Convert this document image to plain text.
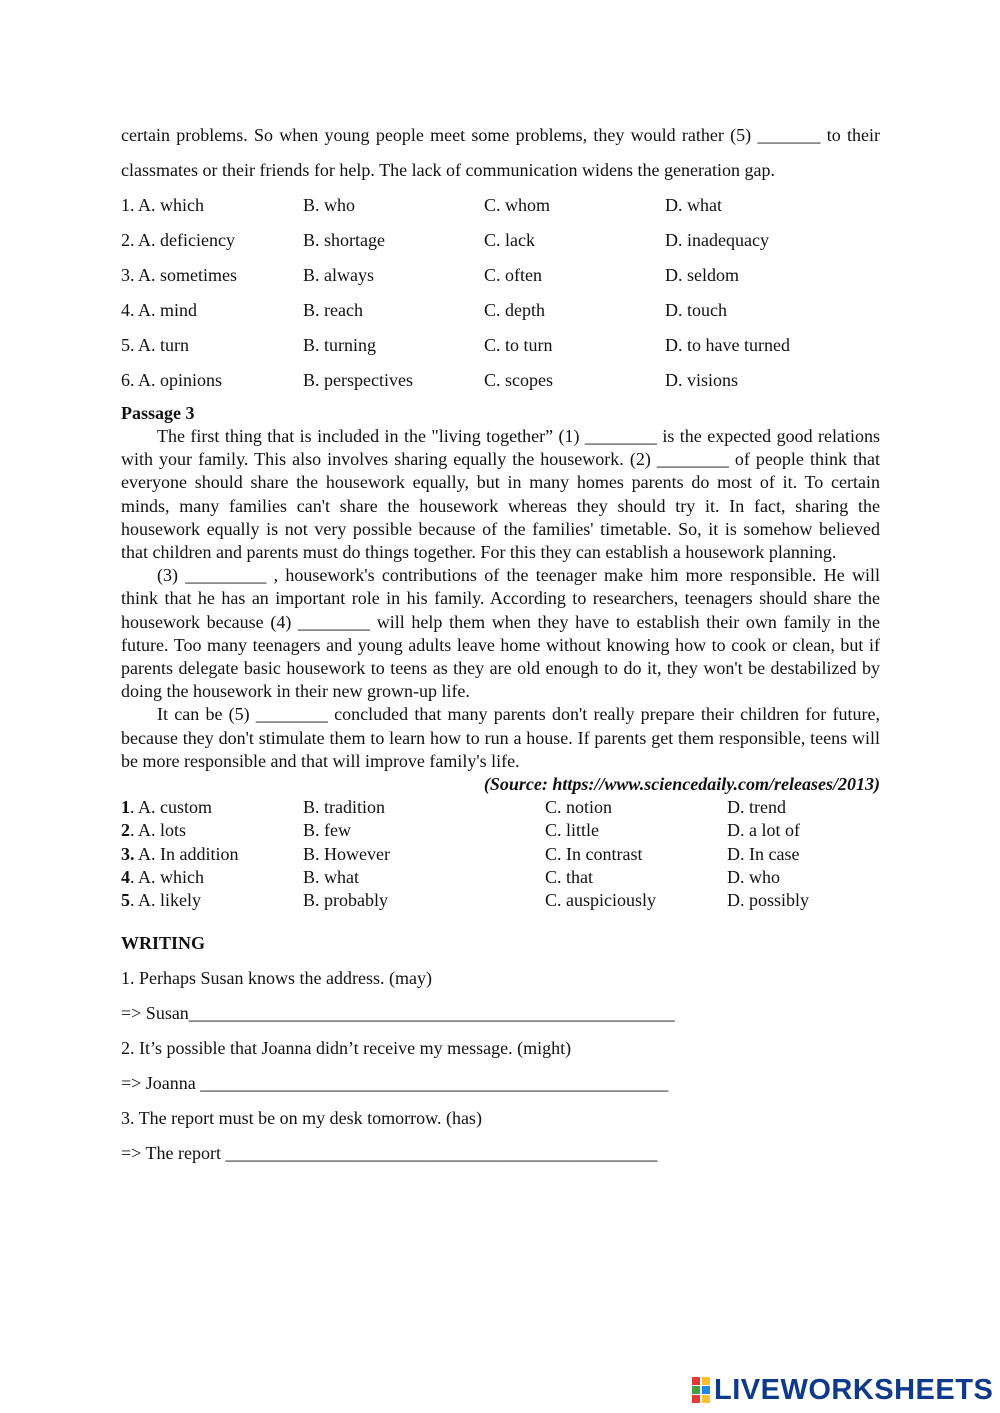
certain problems. So when young people meet some problems, they would rather (5) _______ to their classmates or their friends for help. The lack of communication widens the generation gap.

1. A. which	B. who	C. whom	D. what
2. A. deficiency	B. shortage	C. lack	D. inadequacy
3. A. sometimes	B. always	C. often	D. seldom
4. A. mind	B. reach	C. depth	D. touch
5. A. turn	B. turning	C. to turn	D. to have turned
6. A. opinions	B. perspectives	C. scopes	D. visions
Passage 3

The first thing that is included in the "living together” (1) ________ is the expected good relations with your family. This also involves sharing equally the housework. (2) ________ of people think that everyone should share the housework equally, but in many homes parents do most of it. To certain minds, many families can't share the housework whereas they should try it. In fact, sharing the housework equally is not very possible because of the families' timetable. So, it is somehow believed that children and parents must do things together. For this they can establish a housework planning.

(3) _________ , housework's contributions of the teenager make him more responsible. He will think that he has an important role in his family. According to researchers, teenagers should share the housework because (4) ________ will help them when they have to establish their own family in the future. Too many teenagers and young adults leave home without knowing how to cook or clean, but if parents delegate basic housework to teens as they are old enough to do it, they won't be destabilized by doing the housework in their new grown-up life.

It can be (5) ________ concluded that many parents don't really prepare their children for future, because they don't stimulate them to learn how to run a house. If parents get them responsible, teens will be more responsible and that will improve family's life.

(Source: https://www.sciencedaily.com/releases/2013)
1. A. custom	B. tradition	C. notion	D. trend
2. A. lots	B. few	C. little	D. a lot of
3. A. In addition	B. However	C. In contrast	D. In case
4. A. which	B. what	C. that	D. who
5. A. likely	B. probably	C. auspiciously	D. possibly
WRITING
1. Perhaps Susan knows the address. (may)
=> Susan______________________________________________________
2. It’s possible that Joanna didn’t receive my message. (might)
=> Joanna ____________________________________________________
3. The report must be on my desk tomorrow. (has)
=> The report ________________________________________________
LIVEWORKSHEETS
